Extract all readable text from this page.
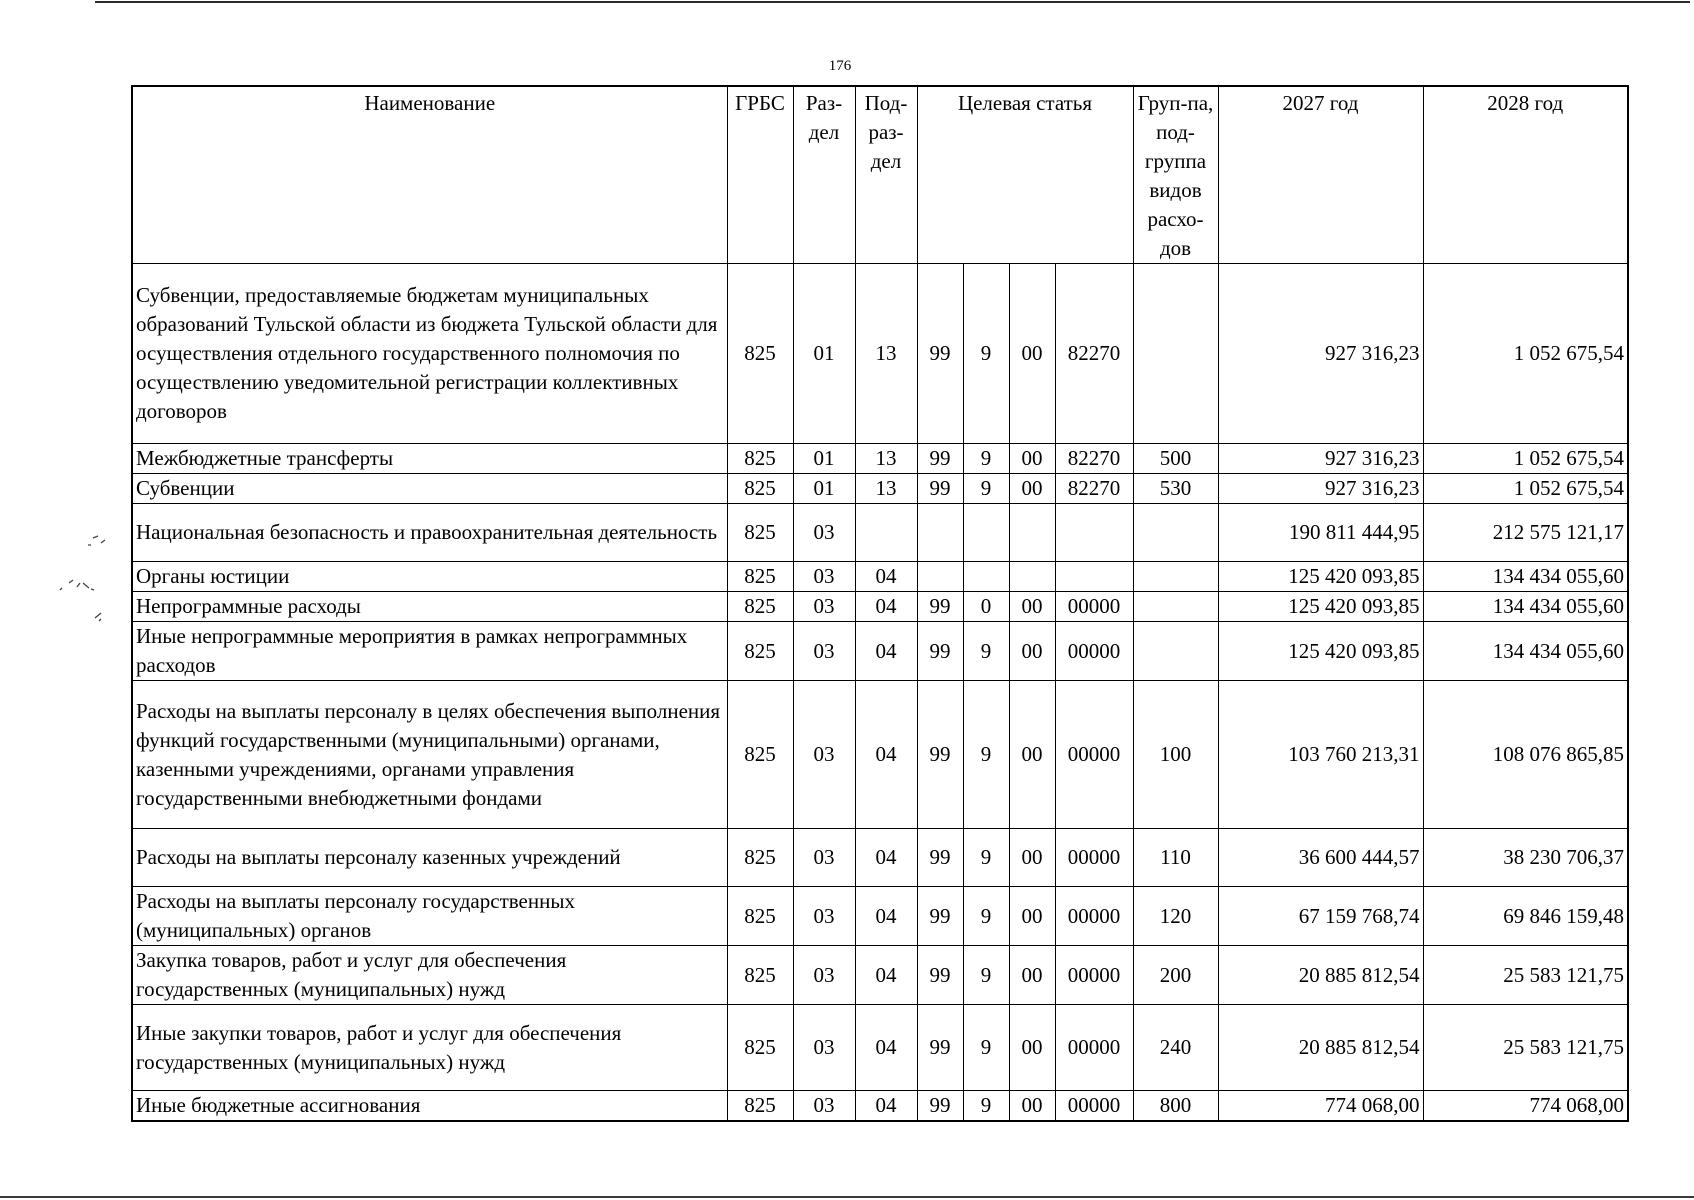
176
Наименование	ГРБС	Раз-дел	Под-раз-дел	Целевая статья				Груп-па, под-группа видов расхо-дов	2027 год	2028 год
Субвенции, предоставляемые бюджетам муниципальных образований Тульской области из бюджета Тульской области для осуществления отдельного государственного полномочия по осуществлению уведомительной регистрации коллективных договоров	825	01	13	99	9	00	82270		927 316,23	1 052 675,54
Межбюджетные трансферты	825	01	13	99	9	00	82270	500	927 316,23	1 052 675,54
Субвенции	825	01	13	99	9	00	82270	530	927 316,23	1 052 675,54
Национальная безопасность и правоохранительная деятельность	825	03							190 811 444,95	212 575 121,17
Органы юстиции	825	03	04						125 420 093,85	134 434 055,60
Непрограммные расходы	825	03	04	99	0	00	00000		125 420 093,85	134 434 055,60
Иные непрограммные мероприятия в рамках непрограммных расходов	825	03	04	99	9	00	00000		125 420 093,85	134 434 055,60
Расходы на выплаты персоналу в целях обеспечения выполнения функций государственными (муниципальными) органами, казенными учреждениями, органами управления государственными внебюджетными фондами	825	03	04	99	9	00	00000	100	103 760 213,31	108 076 865,85
Расходы на выплаты персоналу казенных учреждений	825	03	04	99	9	00	00000	110	36 600 444,57	38 230 706,37
Расходы на выплаты персоналу государственных (муниципальных) органов	825	03	04	99	9	00	00000	120	67 159 768,74	69 846 159,48
Закупка товаров, работ и услуг для обеспечения государственных (муниципальных) нужд	825	03	04	99	9	00	00000	200	20 885 812,54	25 583 121,75
Иные закупки товаров, работ и услуг для обеспечения государственных (муниципальных) нужд	825	03	04	99	9	00	00000	240	20 885 812,54	25 583 121,75
Иные бюджетные ассигнования	825	03	04	99	9	00	00000	800	774 068,00	774 068,00
